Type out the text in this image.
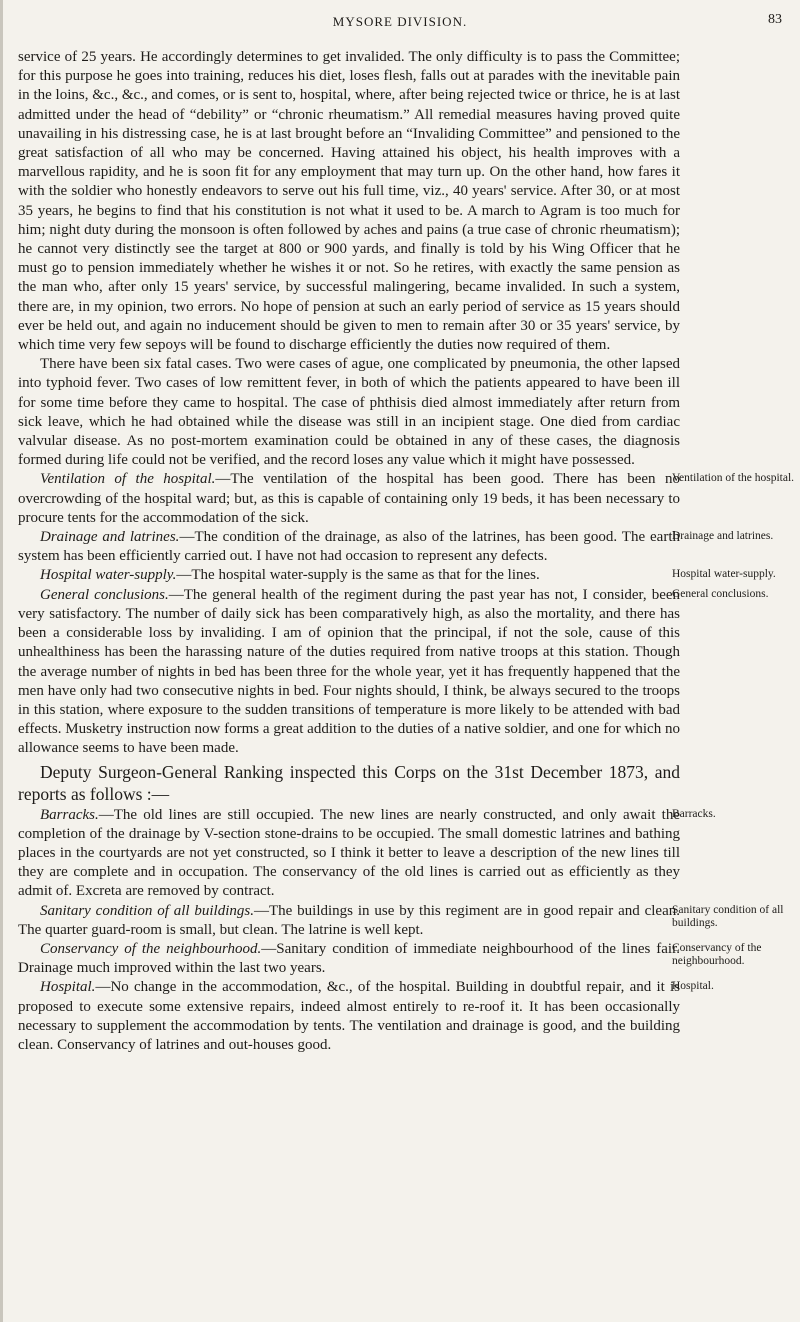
MYSORE DIVISION.	83

service of 25 years. He accordingly determines to get invalided. The only difficulty is to pass the Committee; for this purpose he goes into training, reduces his diet, loses flesh, falls out at parades with the inevitable pain in the loins, &c., &c., and comes, or is sent to, hospital, where, after being rejected twice or thrice, he is at last admitted under the head of “debility” or “chronic rheumatism.” All remedial measures having proved quite unavailing in his distressing case, he is at last brought before an “Invaliding Committee” and pensioned to the great satisfaction of all who may be concerned. Having attained his object, his health improves with a marvellous rapidity, and he is soon fit for any employment that may turn up. On the other hand, how fares it with the soldier who honestly endeavors to serve out his full time, viz., 40 years' service. After 30, or at most 35 years, he begins to find that his constitution is not what it used to be. A march to Agram is too much for him; night duty during the monsoon is often followed by aches and pains (a true case of chronic rheumatism); he cannot very distinctly see the target at 800 or 900 yards, and finally is told by his Wing Officer that he must go to pension immediately whether he wishes it or not. So he retires, with exactly the same pension as the man who, after only 15 years' service, by successful malingering, became invalided. In such a system, there are, in my opinion, two errors. No hope of pension at such an early period of service as 15 years should ever be held out, and again no inducement should be given to men to remain after 30 or 35 years' service, by which time very few sepoys will be found to discharge efficiently the duties now required of them.

There have been six fatal cases. Two were cases of ague, one complicated by pneumonia, the other lapsed into typhoid fever. Two cases of low remittent fever, in both of which the patients appeared to have been ill for some time before they came to hospital. The case of phthisis died almost immediately after return from sick leave, which he had obtained while the disease was still in an incipient stage. One died from cardiac valvular disease. As no post-mortem examination could be obtained in any of these cases, the diagnosis formed during life could not be verified, and the record loses any value which it might have possessed.

Ventilation of the hospital.—The ventilation of the hospital has been good. There has been no overcrowding of the hospital ward; but, as this is capable of containing only 19 beds, it has been necessary to procure tents for the accommodation of the sick.

Drainage and latrines.—The condition of the drainage, as also of the latrines, has been good. The earth system has been efficiently carried out. I have not had occasion to represent any defects.

Hospital water-supply.—The hospital water-supply is the same as that for the lines.

General conclusions.—The general health of the regiment during the past year has not, I consider, been very satisfactory. The number of daily sick has been comparatively high, as also the mortality, and there has been a considerable loss by invaliding. I am of opinion that the principal, if not the sole, cause of this unhealthiness has been the harassing nature of the duties required from native troops at this station. Though the average number of nights in bed has been three for the whole year, yet it has frequently happened that the men have only had two consecutive nights in bed. Four nights should, I think, be always secured to the troops in this station, where exposure to the sudden transitions of temperature is more likely to be attended with bad effects. Musketry instruction now forms a great addition to the duties of a native soldier, and one for which no allowance seems to have been made.

Deputy Surgeon-General Ranking inspected this Corps on the 31st December 1873, and reports as follows :—

Barracks.—The old lines are still occupied. The new lines are nearly constructed, and only await the completion of the drainage by V-section stone-drains to be occupied. The small domestic latrines and bathing places in the courtyards are not yet constructed, so I think it better to leave a description of the new lines till they are complete and in occupation. The conservancy of the old lines is carried out as efficiently as they admit of. Excreta are removed by contract.

Sanitary condition of all buildings.—The buildings in use by this regiment are in good repair and clean. The quarter guard-room is small, but clean. The latrine is well kept.

Conservancy of the neighbourhood.—Sanitary condition of immediate neighbourhood of the lines fair. Drainage much improved within the last two years.

Hospital.—No change in the accommodation, &c., of the hospital. Building in doubtful repair, and it is proposed to execute some extensive repairs, indeed almost entirely to re-roof it. It has been occasionally necessary to supplement the accommodation by tents. The ventilation and drainage is good, and the building clean. Conservancy of latrines and out-houses good.

Ventilation of the hospital.
Drainage and latrines.
Hospital water-supply.
General conclusions.
Barracks.
Sanitary condition of all buildings.
Conservancy of the neighbourhood.
Hospital.
